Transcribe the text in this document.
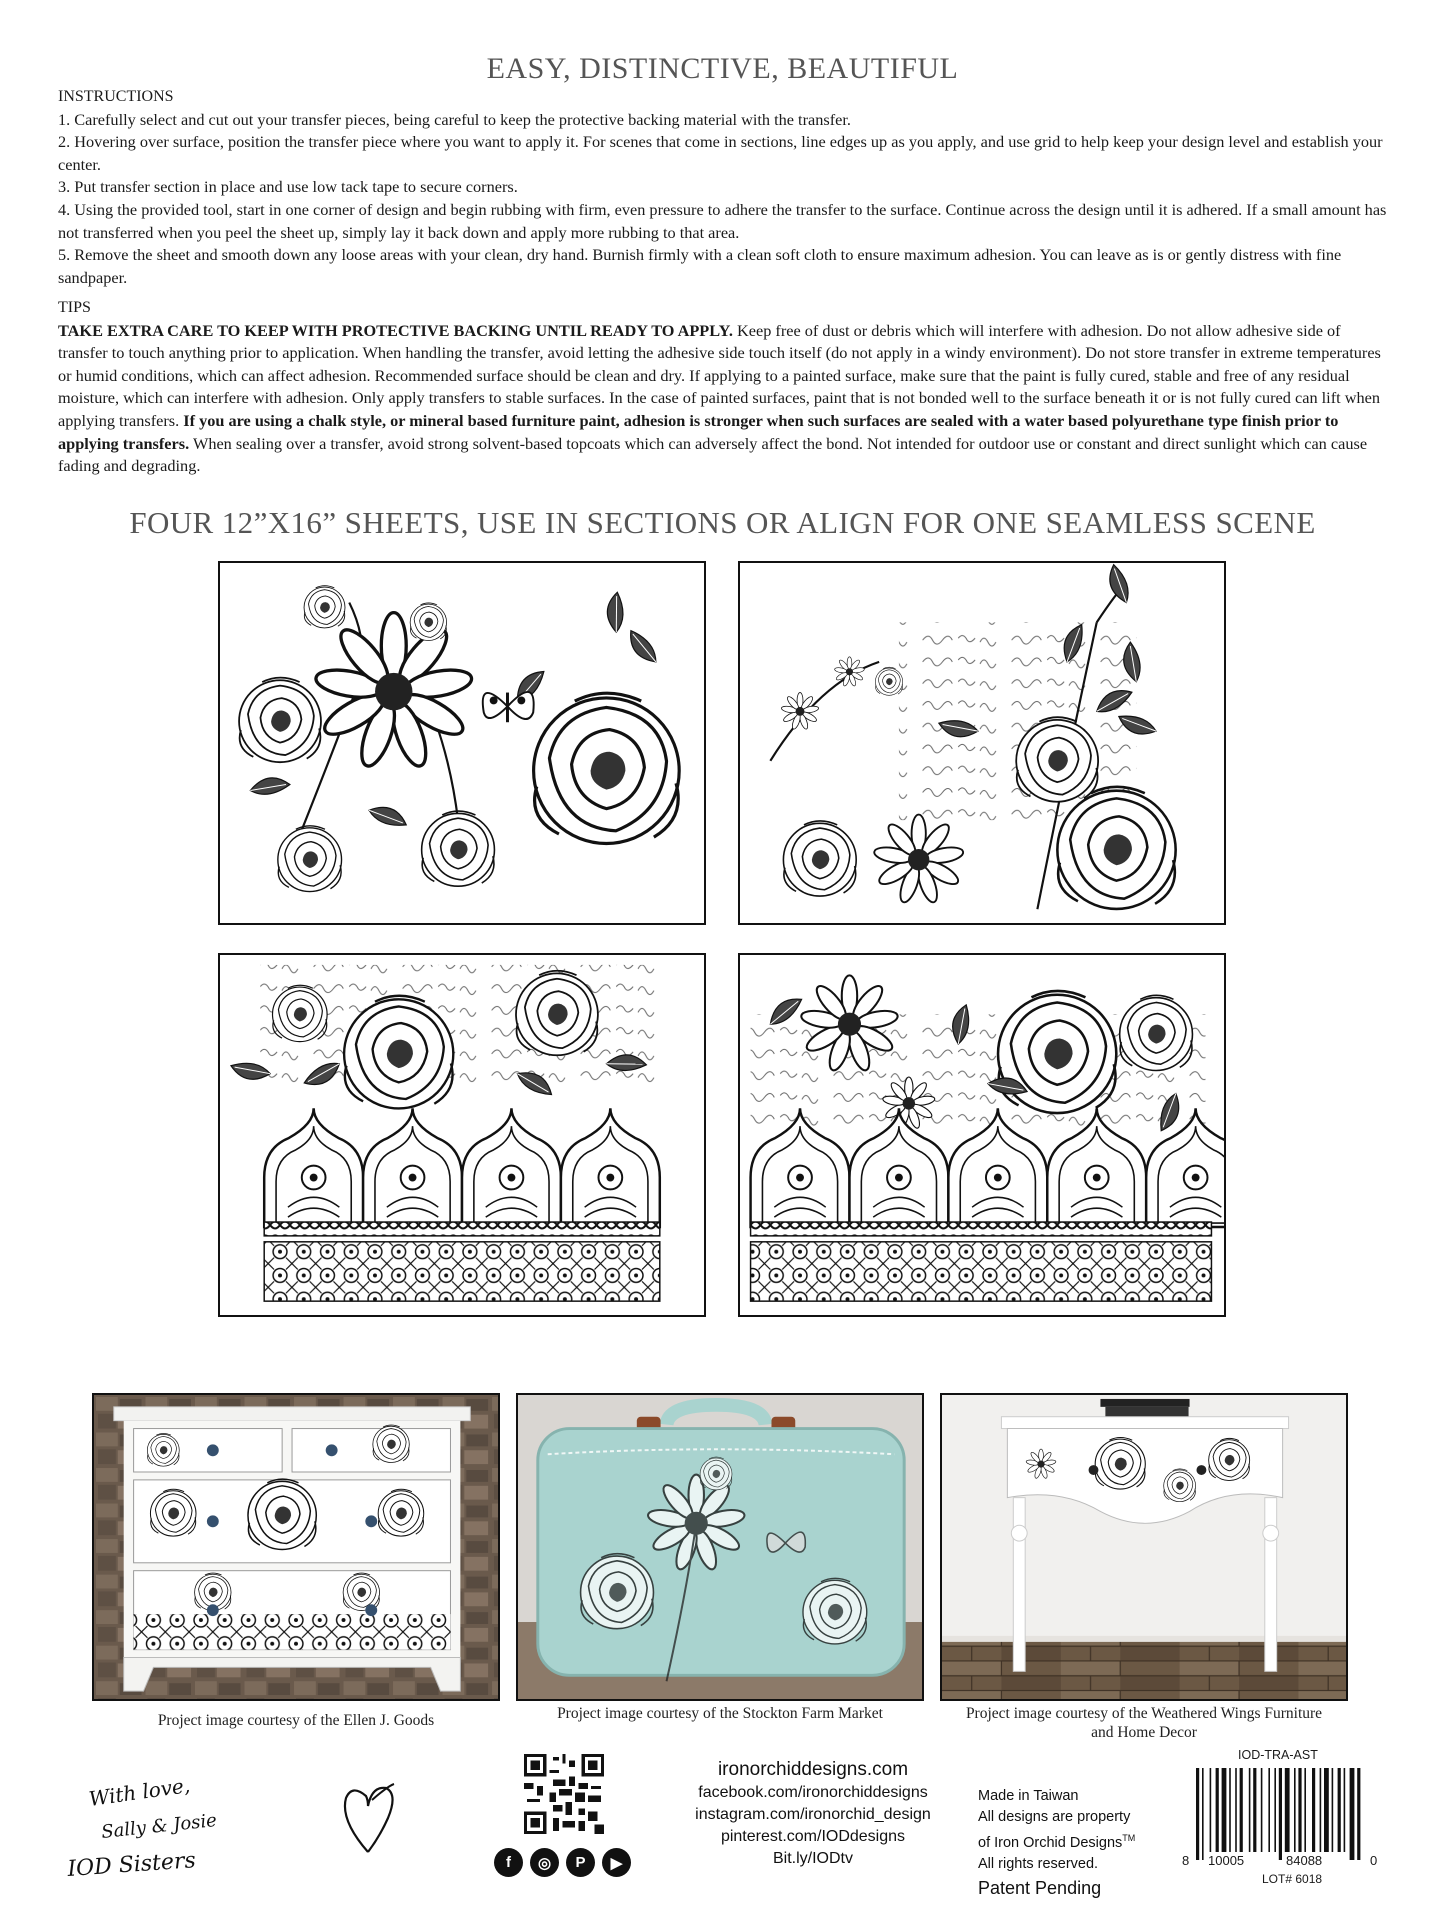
EASY, DISTINCTIVE, BEAUTIFUL
INSTRUCTIONS

1. Carefully select and cut out your transfer pieces, being careful to keep the protective backing material with the transfer.

2. Hovering over surface, position the transfer piece where you want to apply it. For scenes that come in sections, line edges up as you apply, and use grid to help keep your design level and establish your center.

3. Put transfer section in place and use low tack tape to secure corners.

4. Using the provided tool, start in one corner of design and begin rubbing with firm, even pressure to adhere the transfer to the surface. Continue across the design until it is adhered. If a small amount has not transferred when you peel the sheet up, simply lay it back down and apply more rubbing to that area.

5. Remove the sheet and smooth down any loose areas with your clean, dry hand. Burnish firmly with a clean soft cloth to ensure maximum adhesion. You can leave as is or gently distress with fine sandpaper.

TIPS

TAKE EXTRA CARE TO KEEP WITH PROTECTIVE BACKING UNTIL READY TO APPLY. Keep free of dust or debris which will interfere with adhesion. Do not allow adhesive side of transfer to touch anything prior to application. When handling the transfer, avoid letting the adhesive side touch itself (do not apply in a windy environment). Do not store transfer in extreme temperatures or humid conditions, which can affect adhesion. Recommended surface should be clean and dry. If applying to a painted surface, make sure that the paint is fully cured, stable and free of any residual moisture, which can interfere with adhesion. Only apply transfers to stable surfaces. In the case of painted surfaces, paint that is not bonded well to the surface beneath it or is not fully cured can lift when applying transfers. If you are using a chalk style, or mineral based furniture paint, adhesion is stronger when such surfaces are sealed with a water based polyurethane type finish prior to applying transfers. When sealing over a transfer, avoid strong solvent-based topcoats which can adversely affect the bond. Not intended for outdoor use or constant and direct sunlight which can cause fading and degrading.

FOUR 12”X16” SHEETS, USE IN SECTIONS OR ALIGN FOR ONE SEAMLESS SCENE
Project image courtesy of the Ellen J. Goods	Project image courtesy of the Stockton Farm Market	Project image courtesy of the Weathered Wings Furniture and Home Decor
With love,
Sally & Josie
IOD Sisters	f	◎	P	▶
ironorchiddesigns.com
facebook.com/ironorchiddesigns
instagram.com/ironorchid_design
pinterest.com/IODdesigns
Bit.ly/IODtv
Made in Taiwan
All designs are property
of Iron Orchid Designs™
All rights reserved.
Patent Pending
IOD-TRA-AST
8 10005	84088	0
LOT# 6018
